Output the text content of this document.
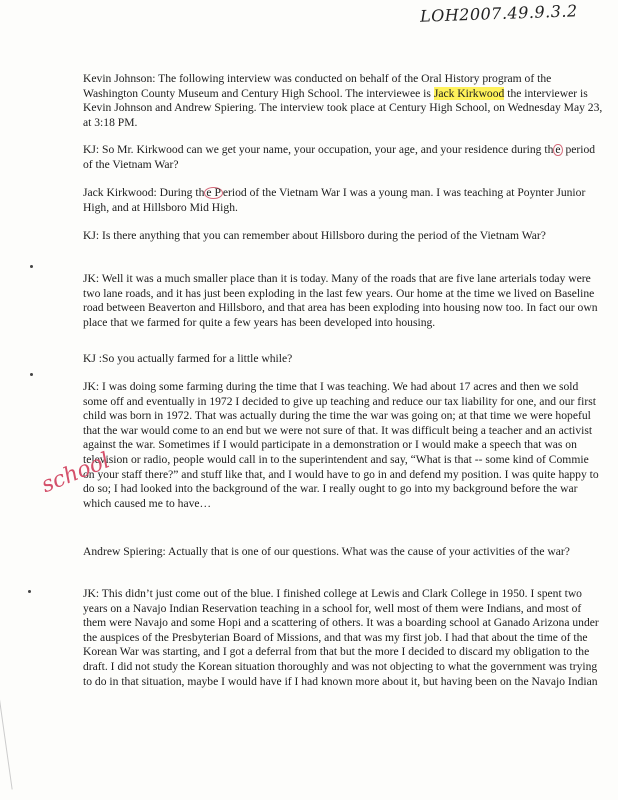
LOH2007.49.9.3.2

Kevin Johnson: The following interview was conducted on behalf of the Oral History program of the Washington County Museum and Century High School. The interviewee is Jack Kirkwood the interviewer is Kevin Johnson and Andrew Spiering. The interview took place at Century High School, on Wednesday May 23, at 3:18 PM.

KJ: So Mr. Kirkwood can we get your name, your occupation, your age, and your residence during th e period of the Vietnam War?

Jack Kirkwood: During th e P eriod of the Vietnam War I was a young man. I was teaching at Poynter Junior High, and at Hillsboro Mid High.

KJ: Is there anything that you can remember about Hillsboro during the period of the Vietnam War?

JK: Well it was a much smaller place than it is today. Many of the roads that are five lane arterials today were two lane roads, and it has just been exploding in the last few years. Our home at the time we lived on Baseline road between Beaverton and Hillsboro, and that area has been exploding into housing now too. In fact our own place that we farmed for quite a few years has been developed into housing.

KJ :So you actually farmed for a little while?

JK: I was doing some farming during the time that I was teaching. We had about 17 acres and then we sold some off and eventually in 1972 I decided to give up teaching and reduce our tax liability for one, and our first child was born in 1972. That was actually during the time the war was going on; at that time we were hopeful that the war would come to an end but we were not sure of that. It was difficult being a teacher and an activist against the war. Sometimes if I would participate in a demonstration or I would make a speech that was on television or radio, people would call in to the superintendent and say, “What is that -- some kind of Commie on your staff there?” and stuff like that, and I would have to go in and defend my position. I was quite happy to do so; I had looked into the background of the war. I really ought to go into my background before the war which caused me to have…

Andrew Spiering: Actually that is one of our questions. What was the cause of your activities of the war?

JK: This didn’t just come out of the blue. I finished college at Lewis and Clark College in 1950. I spent two years on a Navajo Indian Reservation teaching in a school for, well most of them were Indians, and most of them were Navajo and some Hopi and a scattering of others. It was a boarding school at Ganado Arizona under the auspices of the Presbyterian Board of Missions, and that was my first job. I had that about the time of the Korean War was starting, and I got a deferral from that but the more I decided to discard my obligation to the draft. I did not study the Korean situation thoroughly and was not objecting to what the government was trying to do in that situation, maybe I would have if I had known more about it, but having been on the Navajo Indian

school
